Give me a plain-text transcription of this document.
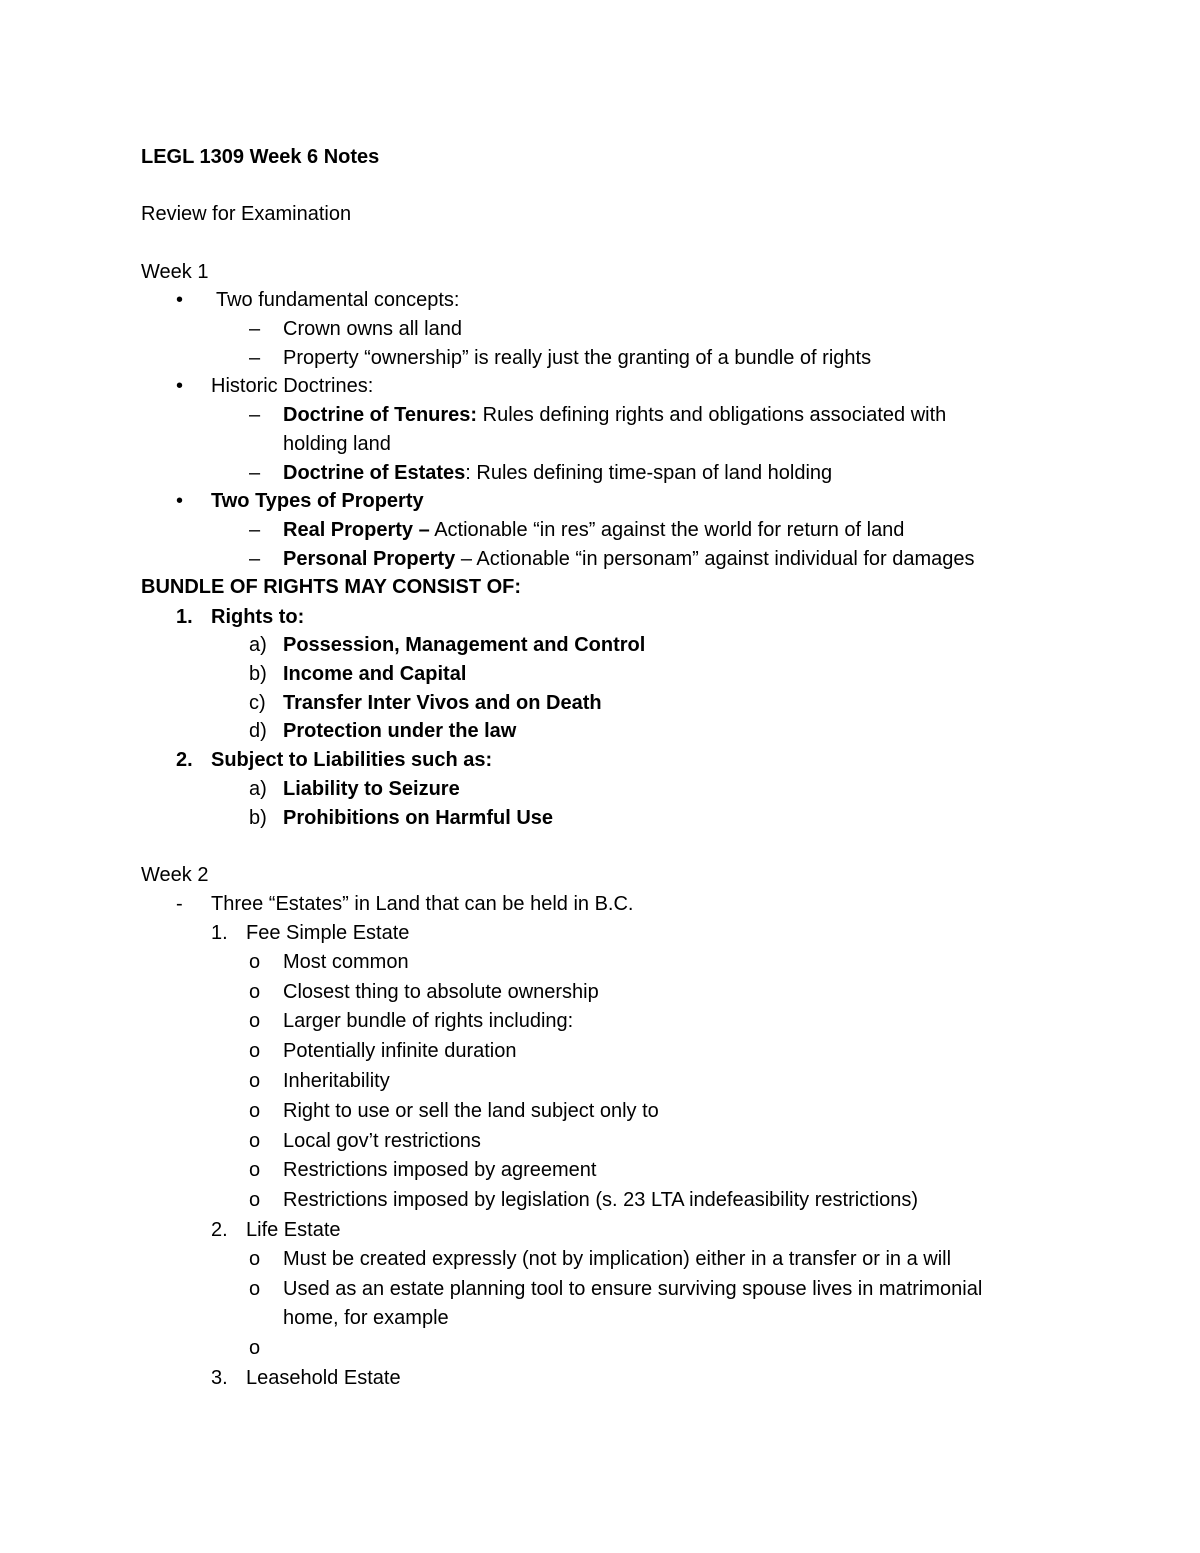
LEGL 1309 Week 6 Notes
Review for Examination
Week 1
• Two fundamental concepts:
– Crown owns all land
– Property “ownership” is really just the granting of a bundle of rights
• Historic Doctrines:
– Doctrine of Tenures: Rules defining rights and obligations associated with
holding land
– Doctrine of Estates: Rules defining time-span of land holding
• Two Types of Property
– Real Property – Actionable “in res” against the world for return of land
– Personal Property – Actionable “in personam” against individual for damages
BUNDLE OF RIGHTS MAY CONSIST OF:
1. Rights to:
a) Possession, Management and Control
b) Income and Capital
c) Transfer Inter Vivos and on Death
d) Protection under the law
2. Subject to Liabilities such as:
a) Liability to Seizure
b) Prohibitions on Harmful Use
Week 2
- Three “Estates” in Land that can be held in B.C.
1. Fee Simple Estate
o Most common
o Closest thing to absolute ownership
o Larger bundle of rights including:
o Potentially infinite duration
o Inheritability
o Right to use or sell the land subject only to
o Local gov’t restrictions
o Restrictions imposed by agreement
o Restrictions imposed by legislation (s. 23 LTA indefeasibility restrictions)
2. Life Estate
o Must be created expressly (not by implication) either in a transfer or in a will
o Used as an estate planning tool to ensure surviving spouse lives in matrimonial
home, for example
o
3. Leasehold Estate
